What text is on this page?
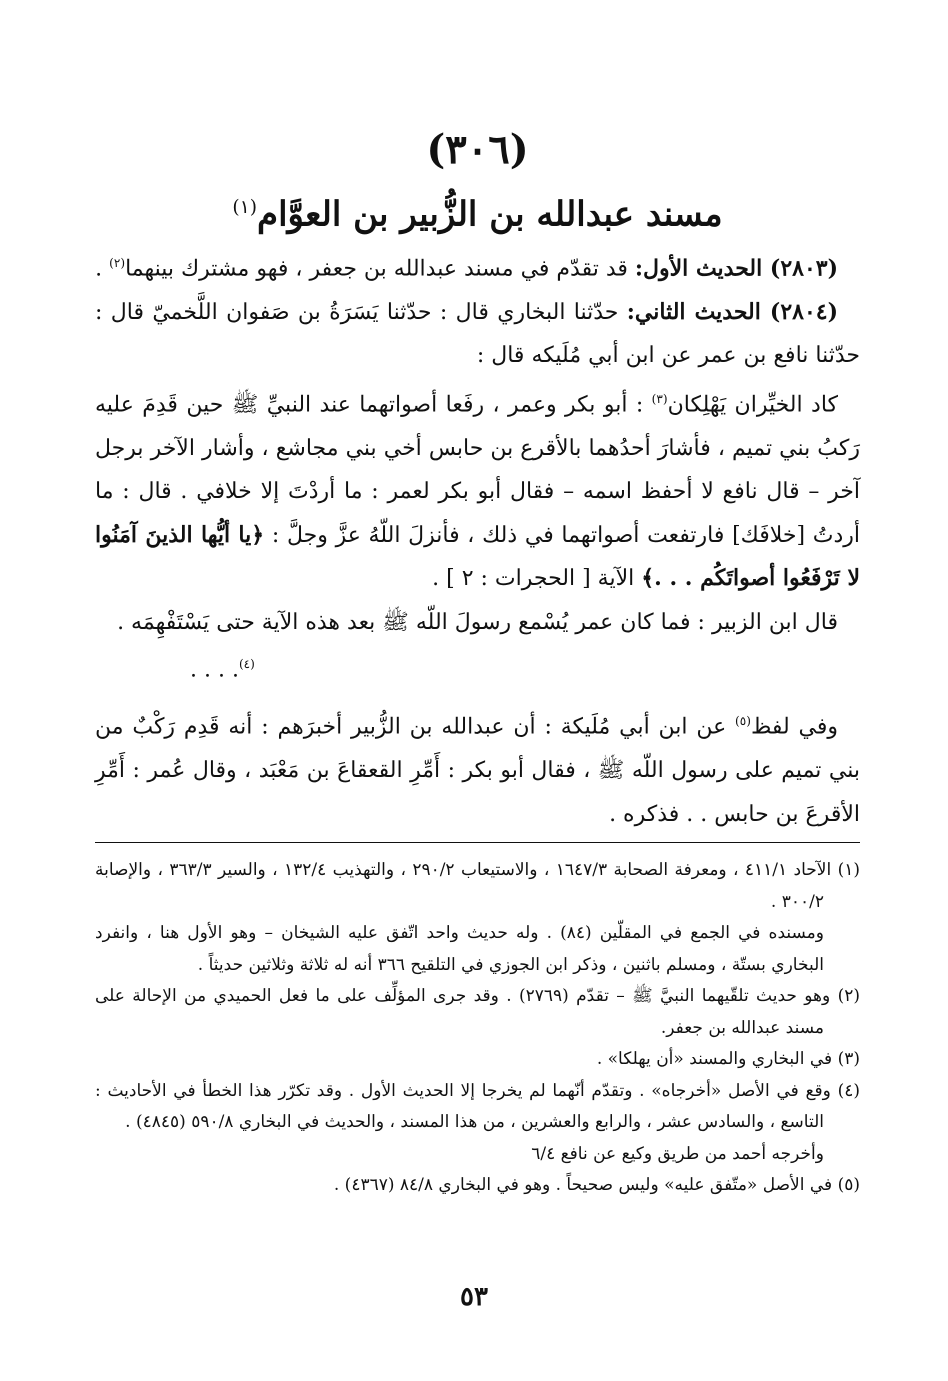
(٣٠٦)

مسند عبدالله بن الزُّبير بن العوَّام$^{(١)}$

(٢٨٠٣) الحديث الأول: قد تقدّم في مسند عبدالله بن جعفر ، فهو مشترك بينهما$^{(٢)}$ .

(٢٨٠٤) الحديث الثاني: حدّثنا البخاري قال : حدّثنا يَسَرَةُ بن صَفوان اللَّخميّ قال : حدّثنا نافع بن عمر عن ابن أبي مُلَيكه قال :

كاد الخيِّران يَهْلِكان$^{(٣)}$ : أبو بكر وعمر ، رفَعا أصواتهما عند النبيِّ ﷺ حين قَدِمَ عليه رَكبُ بني تميم ، فأشارَ أحدُهما بالأقرع بن حابس أخي بني مجاشع ، وأشار الآخر برجل آخر – قال نافع لا أحفظ اسمه – فقال أبو بكر لعمر : ما أردْتَ إلا خلافي . قال : ما أردتُ [خلافَك] فارتفعت أصواتهما في ذلك ، فأنزلَ اللّهُ عزَّ وجلَّ : ﴿يا أيُّها الذينَ آمَنُوا لا تَرْفَعُوا أصواتَكُم . . .﴾ الآية [ الحجرات : ٢ ] .

قال ابن الزبير : فما كان عمر يُسْمع رسولَ اللّه ﷺ بعد هذه الآية حتى يَسْتَفْهِمَه .

. . . .$^{(٤)}$

وفي لفظ$^{(٥)}$ عن ابن أبي مُلَيكة : أن عبدالله بن الزُّبير أخبرَهم : أنه قَدِم رَكْبٌ من بني تميم على رسول اللّه ﷺ ، فقال أبو بكر : أَمِّرِ القعقاعَ بن مَعْبَد ، وقال عُمر : أَمِّرِ الأقرعَ بن حابس . . فذكره .

(١) الآحاد ٤١١/١ ، ومعرفة الصحابة ١٦٤٧/٣ ، والاستيعاب ٢٩٠/٢ ، والتهذيب ١٣٢/٤ ، والسير ٣٦٣/٣ ، والإصابة ٣٠٠/٢ .

ومسنده في الجمع في المقلّين (٨٤) . وله حديث واحد اتّفق عليه الشيخان – وهو الأول هنا ، وانفرد البخاري بستّة ، ومسلم باثنين ، وذكر ابن الجوزي في التلقيح ٣٦٦ أنه له ثلاثة وثلاثين حديثاً .

(٢) وهو حديث تلقّيهما النبيَّ ﷺ – تقدّم (٢٧٦٩) . وقد جرى المؤلِّف على ما فعل الحميدي من الإحالة على مسند عبدالله بن جعفر.

(٣) في البخاري والمسند «أن يهلكا» .

(٤) وقع في الأصل «أخرجاه» . وتقدّم أنّهما لم يخرجا إلا الحديث الأول . وقد تكرّر هذا الخطأ في الأحاديث : التاسع ، والسادس عشر ، والرابع والعشرين ، من هذا المسند ، والحديث في البخاري ٥٩٠/٨ (٤٨٤٥) .

وأخرجه أحمد من طريق وكيع عن نافع ٦/٤

(٥) في الأصل «متّفق عليه» وليس صحيحاً . وهو في البخاري ٨٤/٨ (٤٣٦٧) .

٥٣
